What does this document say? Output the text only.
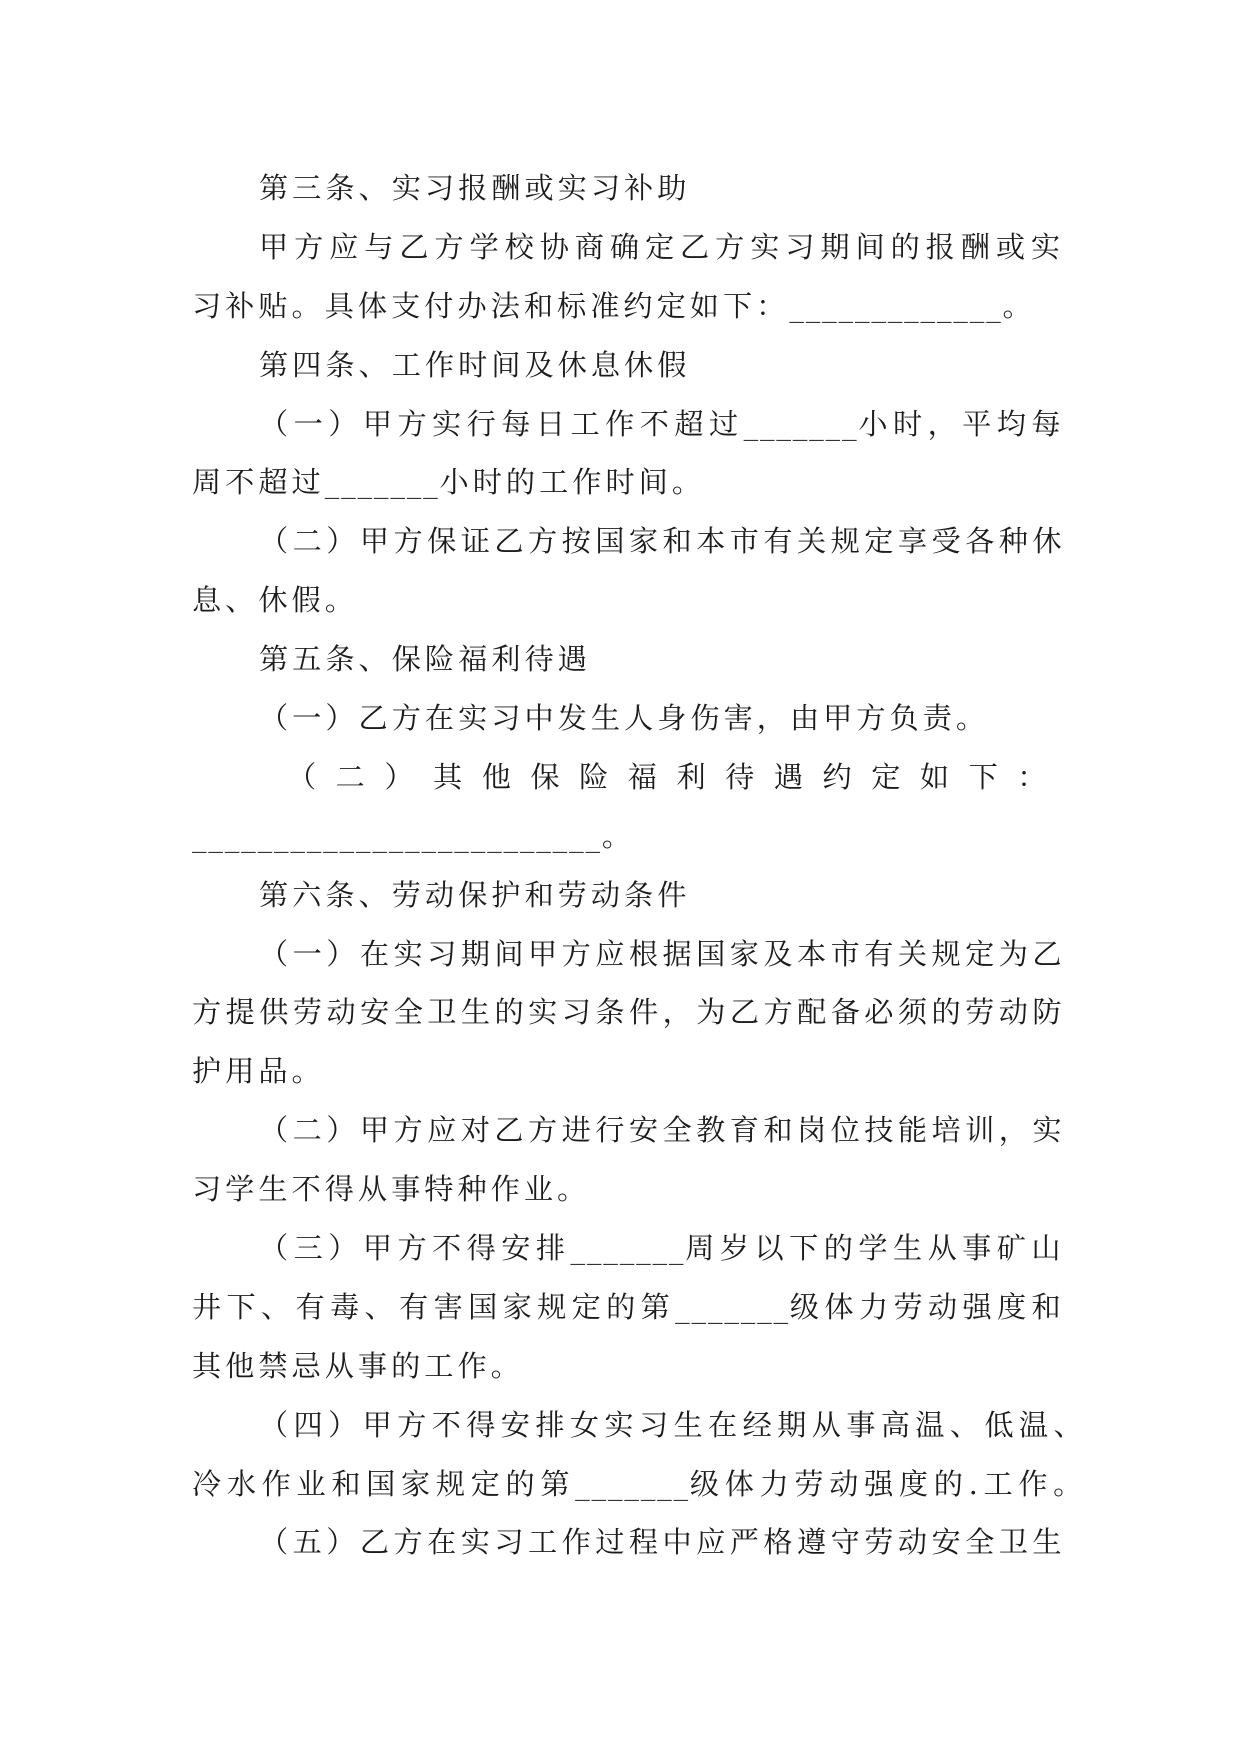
第三条、实习报酬或实习补助
甲方应与乙方学校协商确定乙方实习期间的报酬或实
习补贴。具体支付办法和标准约定如下：_____________。
第四条、工作时间及休息休假
（一）甲方实行每日工作不超过_______小时，平均每
周不超过_______小时的工作时间。
（二）甲方保证乙方按国家和本市有关规定享受各种休
息、休假。
第五条、保险福利待遇
（一）乙方在实习中发生人身伤害，由甲方负责。
（二）其他保险福利待遇约定如下：
_________________________。
第六条、劳动保护和劳动条件
（一）在实习期间甲方应根据国家及本市有关规定为乙
方提供劳动安全卫生的实习条件，为乙方配备必须的劳动防
护用品。
（二）甲方应对乙方进行安全教育和岗位技能培训，实
习学生不得从事特种作业。
（三）甲方不得安排_______周岁以下的学生从事矿山
井下、有毒、有害国家规定的第_______级体力劳动强度和
其他禁忌从事的工作。
（四）甲方不得安排女实习生在经期从事高温、低温、
冷水作业和国家规定的第_______级体力劳动强度的.工作。
（五）乙方在实习工作过程中应严格遵守劳动安全卫生
